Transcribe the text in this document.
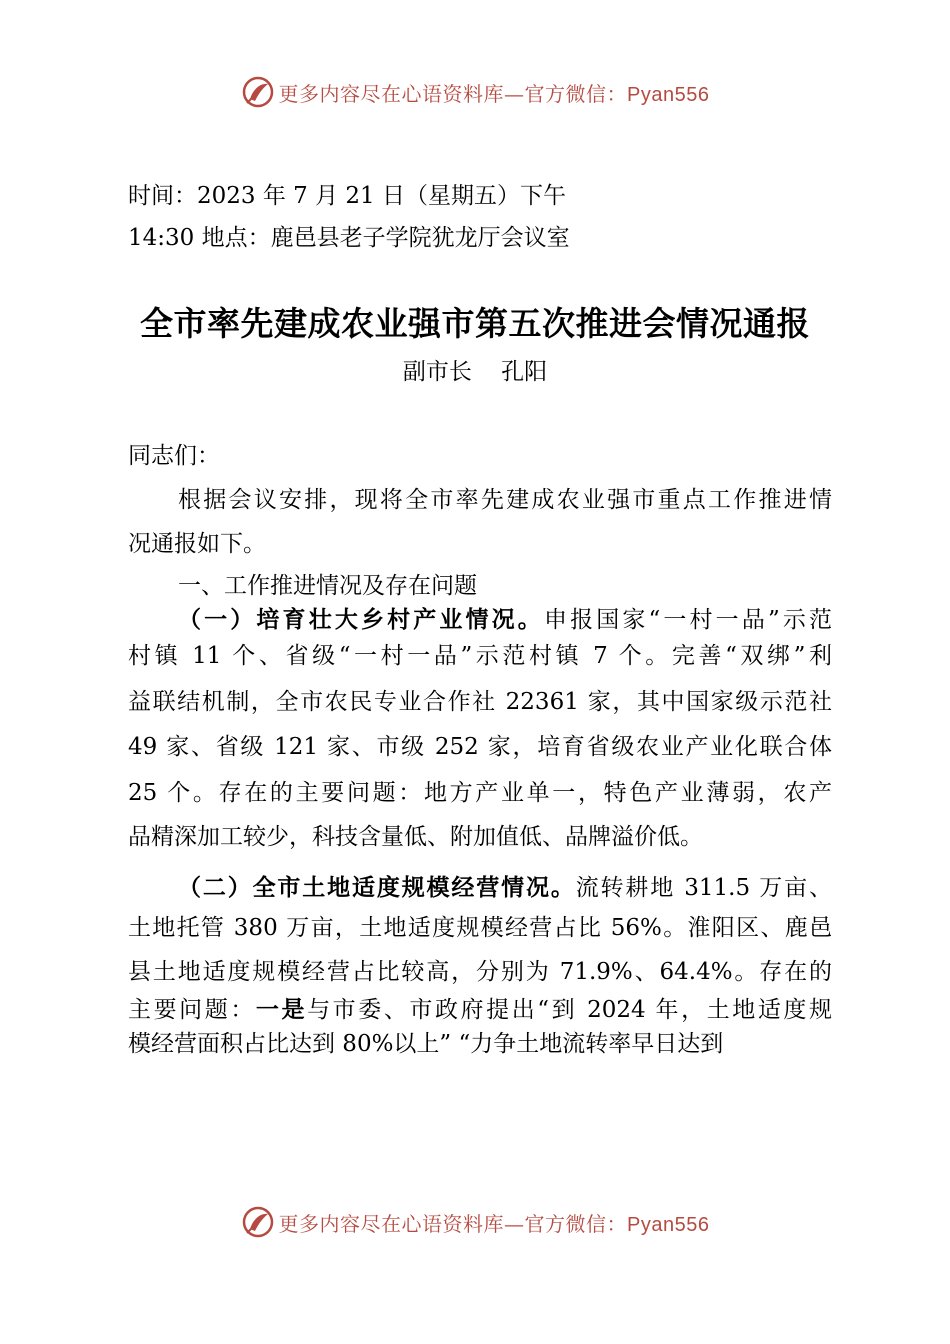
更多内容尽在心语资料库—官方微信：Pyan556
时间：2023 年 7 月 21 日（星期五）下午
14:30 地点：鹿邑县老子学院犹龙厅会议室
全市率先建成农业强市第五次推进会情况通报
副市长    孔阳
同志们：
根据会议安排，现将全市率先建成农业强市重点工作推进情
况通报如下。
一、工作推进情况及存在问题
（一）培育壮大乡村产业情况。申报国家“一村一品”示范
村镇 11 个、省级“一村一品”示范村镇 7 个。完善“双绑”利
益联结机制，全市农民专业合作社 22361 家，其中国家级示范社
49 家、省级 121 家、市级 252 家，培育省级农业产业化联合体
25 个。存在的主要问题：地方产业单一，特色产业薄弱，农产
品精深加工较少，科技含量低、附加值低、品牌溢价低。
（二）全市土地适度规模经营情况。流转耕地 311.5 万亩、
土地托管 380 万亩，土地适度规模经营占比 56%。淮阳区、鹿邑
县土地适度规模经营占比较高，分别为 71.9%、64.4%。存在的
主要问题：一是与市委、市政府提出“到 2024 年，土地适度规
模经营面积占比达到 80%以上” “力争土地流转率早日达到
更多内容尽在心语资料库—官方微信：Pyan556
